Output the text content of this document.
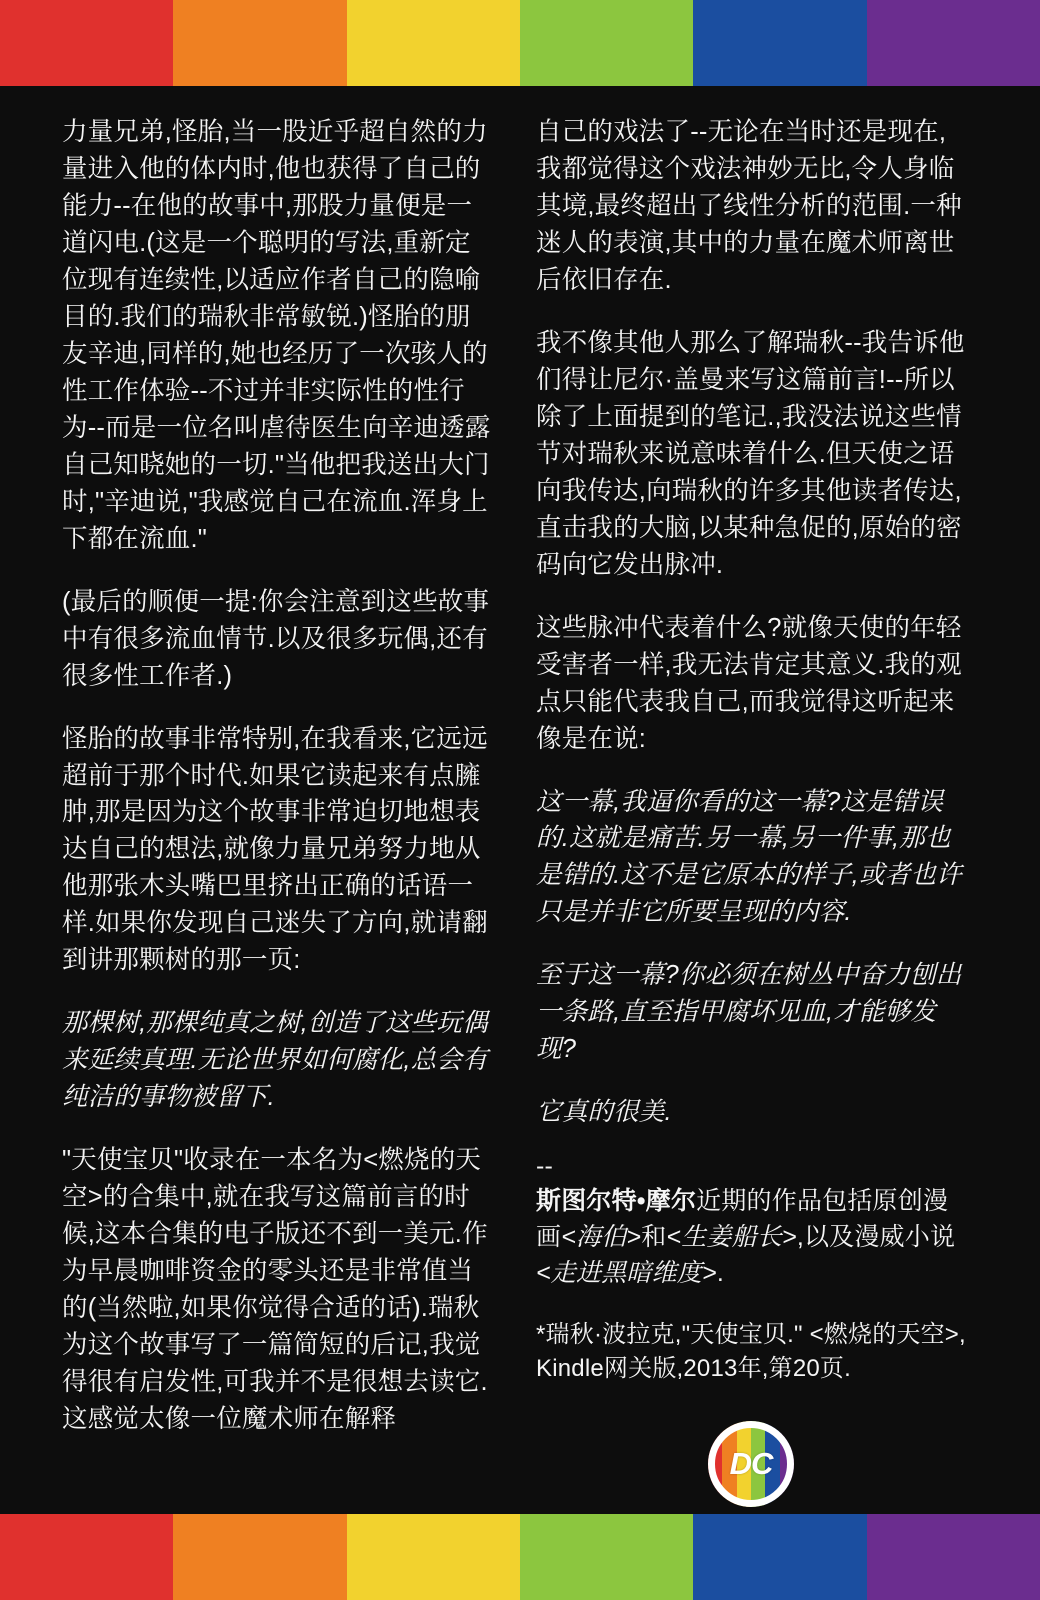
力量兄弟,怪胎,当一股近乎超自然的力量进入他的体内时,他也获得了自己的能力--在他的故事中,那股力量便是一道闪电.(这是一个聪明的写法,重新定位现有连续性,以适应作者自己的隐喻目的.我们的瑞秋非常敏锐.)怪胎的朋友辛迪,同样的,她也经历了一次骇人的性工作体验--不过并非实际性的性行为--而是一位名叫虐待医生向辛迪透露自己知晓她的一切."当他把我送出大门时,"辛迪说,"我感觉自己在流血.浑身上下都在流血."

(最后的顺便一提:你会注意到这些故事中有很多流血情节.以及很多玩偶,还有很多性工作者.)

怪胎的故事非常特别,在我看来,它远远超前于那个时代.如果它读起来有点臃肿,那是因为这个故事非常迫切地想表达自己的想法,就像力量兄弟努力地从他那张木头嘴巴里挤出正确的话语一样.如果你发现自己迷失了方向,就请翻到讲那颗树的那一页:

那棵树,那棵纯真之树,创造了这些玩偶来延续真理.无论世界如何腐化,总会有纯洁的事物被留下.

"天使宝贝"收录在一本名为<燃烧的天空>的合集中,就在我写这篇前言的时候,这本合集的电子版还不到一美元.作为早晨咖啡资金的零头还是非常值当的(当然啦,如果你觉得合适的话).瑞秋为这个故事写了一篇简短的后记,我觉得很有启发性,可我并不是很想去读它.这感觉太像一位魔术师在解释

自己的戏法了--无论在当时还是现在,我都觉得这个戏法神妙无比,令人身临其境,最终超出了线性分析的范围.一种迷人的表演,其中的力量在魔术师离世后依旧存在.

我不像其他人那么了解瑞秋--我告诉他们得让尼尔·盖曼来写这篇前言!--所以除了上面提到的笔记.,我没法说这些情节对瑞秋来说意味着什么.但天使之语向我传达,向瑞秋的许多其他读者传达,直击我的大脑,以某种急促的,原始的密码向它发出脉冲.

这些脉冲代表着什么?就像天使的年轻受害者一样,我无法肯定其意义.我的观点只能代表我自己,而我觉得这听起来像是在说:

这一幕,我逼你看的这一幕?这是错误的.这就是痛苦.另一幕,另一件事,那也是错的.这不是它原本的样子,或者也许只是并非它所要呈现的内容.

至于这一幕?你必须在树丛中奋力刨出一条路,直至指甲腐坏见血,才能够发现?

它真的很美.

--

斯图尔特•摩尔近期的作品包括原创漫画<海伯>和<生姜船长>,以及漫威小说<走进黑暗维度>.

*瑞秋·波拉克,"天使宝贝." <燃烧的天空>, Kindle网关版,2013年,第20页.

DC
